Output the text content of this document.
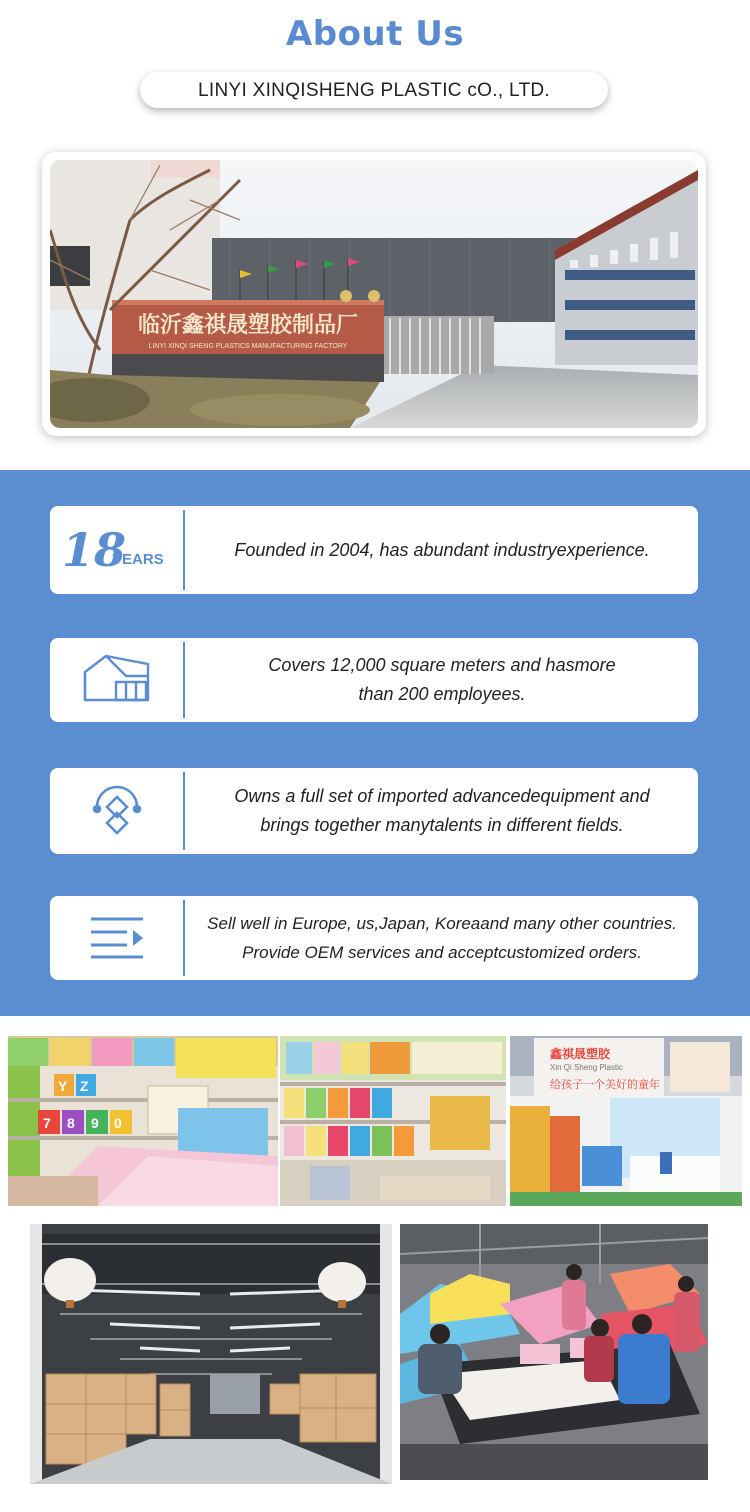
About Us
LINYI XINQISHENG PLASTIC cO., LTD.
临沂鑫祺晟塑胶制品厂
LINYI XINQI SHENG PLASTICS MANUFACTURING FACTORY
18
YEARS	Founded in 2004, has abundant industryexperience.
Covers 12,000 square meters and hasmore
than 200 employees.
Owns a full set of imported advancedequipment and
brings together manytalents in different fields.
Sell well in Europe, us,Japan, Koreaand many other countries.
Provide OEM services and acceptcustomized orders.
Y Z
7 8 9 0
鑫祺晟塑胶
Xin Qi Sheng Plastic
给孩子一个美好的童年
